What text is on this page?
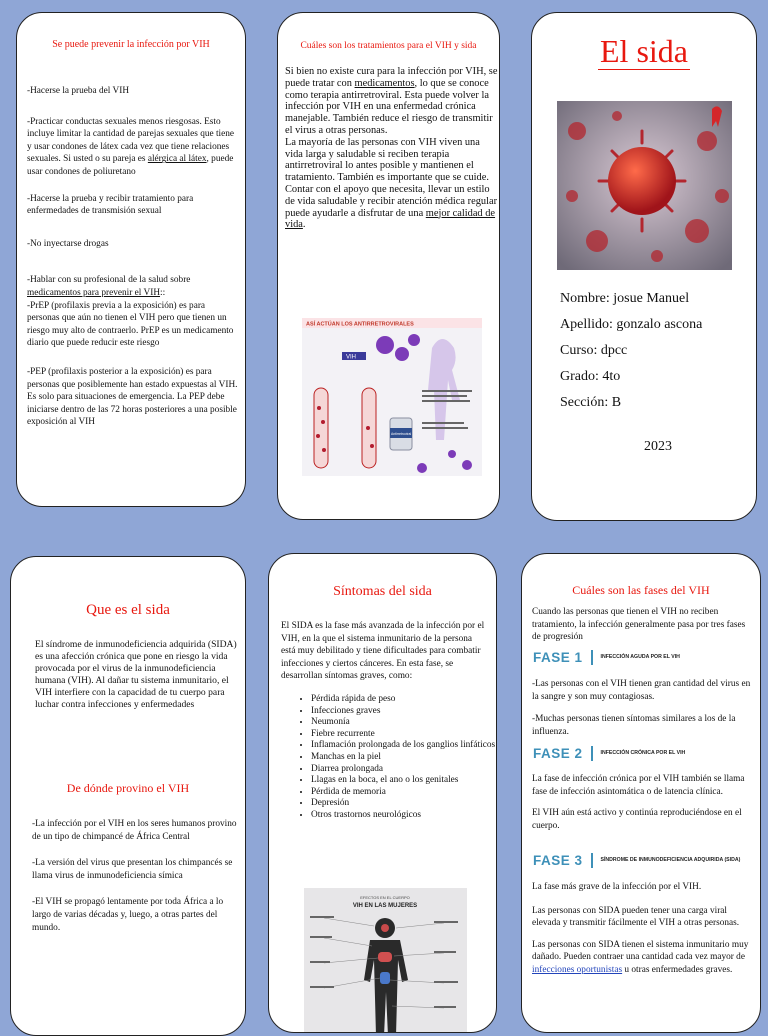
Se puede prevenir la infección por VIH

-Hacerse la prueba del VIH

-Practicar conductas sexuales menos riesgosas. Esto incluye limitar la cantidad de parejas sexuales que tiene y usar condones de látex cada vez que tiene relaciones sexuales. Si usted o su pareja es alérgica al látex, puede usar condones de poliuretano

-Hacerse la prueba y recibir tratamiento para enfermedades de transmisión sexual

-No inyectarse drogas

-Hablar con su profesional de la salud sobre medicamentos para prevenir el VIH::

-PrEP (profilaxis previa a la exposición) es para personas que aún no tienen el VIH pero que tienen un riesgo muy alto de contraerlo. PrEP es un medicamento diario que puede reducir este riesgo

-PEP (profilaxis posterior a la exposición) es para personas que posiblemente han estado expuestas al VIH. Es solo para situaciones de emergencia. La PEP debe iniciarse dentro de las 72 horas posteriores a una posible exposición al VIH

Cuáles son los tratamientos para el VIH y sida

Si bien no existe cura para la infección por VIH, se puede tratar con medicamentos, lo que se conoce como terapia antirretroviral. Esta puede volver la infección por VIH en una enfermedad crónica manejable. También reduce el riesgo de transmitir el virus a otras personas.

La mayoría de las personas con VIH viven una vida larga y saludable si reciben terapia antirretroviral lo antes posible y mantienen el tratamiento. También es importante que se cuide. Contar con el apoyo que necesita, llevar un estilo de vida saludable y recibir atención médica regular puede ayudarle a disfrutar de una mejor calidad de vida.

ASÍ ACTÚAN LOS ANTIRRETROVIRALES
VIH
Antirretroviral
El sida
Nombre: josue Manuel
Apellido: gonzalo ascona
Curso: dpcc
Grado: 4to
Sección: B
2023
Que es el sida

El síndrome de inmunodeficiencia adquirida (SIDA) es una afección crónica que pone en riesgo la vida provocada por el virus de la inmunodeficiencia humana (VIH). Al dañar tu sistema inmunitario, el VIH interfiere con la capacidad de tu cuerpo para luchar contra infecciones y enfermedades

De dónde provino el VIH

-La infección por el VIH en los seres humanos provino de un tipo de chimpancé de África Central

-La versión del virus que presentan los chimpancés se llama virus de inmunodeficiencia símica

-El VIH se propagó lentamente por toda África a lo largo de varias décadas y, luego, a otras partes del mundo.

Síntomas del sida

El SIDA es la fase más avanzada de la infección por el VIH, en la que el sistema inmunitario de la persona está muy debilitado y tiene dificultades para combatir infecciones y ciertos cánceres. En esta fase, se desarrollan síntomas graves, como:

• Pérdida rápida de peso
• Infecciones graves
• Neumonía
• Fiebre recurrente
• Inflamación prolongada de los ganglios linfáticos
• Manchas en la piel
• Diarrea prolongada
• Llagas en la boca, el ano o los genitales
• Pérdida de memoria
• Depresión
• Otros trastornos neurológicos
EFECTOS EN EL CUERPO
VIH EN LAS MUJERES
Cuáles son las fases del VIH

Cuando las personas que tienen el VIH no reciben tratamiento, la infección generalmente pasa por tres fases de progresión

FASE 1	INFECCIÓN AGUDA POR EL VIH

-Las personas con el VIH tienen gran cantidad del virus en la sangre y son muy contagiosas.

-Muchas personas tienen síntomas similares a los de la influenza.

FASE 2	INFECCIÓN CRÓNICA POR EL VIH

La fase de infección crónica por el VIH también se llama fase de infección asintomática o de latencia clínica.

El VIH aún está activo y continúa reproduciéndose en el cuerpo.

FASE 3	SÍNDROME DE INMUNODEFICIENCIA ADQUIRIDA (SIDA)

La fase más grave de la infección por el VIH.

Las personas con SIDA pueden tener una carga viral elevada y transmitir fácilmente el VIH a otras personas.

Las personas con SIDA tienen el sistema inmunitario muy dañado. Pueden contraer una cantidad cada vez mayor de infecciones oportunistas u otras enfermedades graves.
